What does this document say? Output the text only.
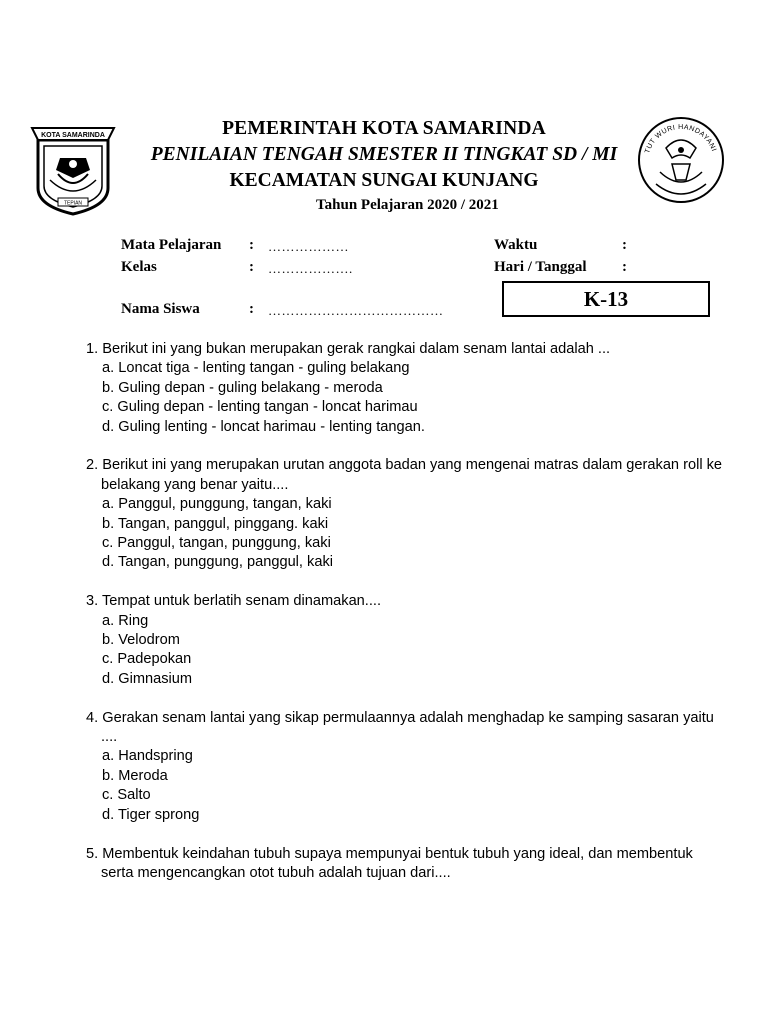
KOTA SAMARINDA
TEPIAN
TUT WURI HANDAYANI
PEMERINTAH KOTA SAMARINDA
PENILAIAN TENGAH SMESTER II TINGKAT SD / MI
KECAMATAN SUNGAI KUNJANG
Tahun Pelajaran 2020 / 2021
Mata Pelajaran : ………………
Kelas	: ……………….
Nama Siswa	: …………………………………
Waktu	:
Hari / Tanggal :
K-13
1. Berikut ini yang bukan merupakan gerak rangkai dalam senam lantai adalah ...
a. Loncat tiga - lenting tangan - guling belakang
b. Guling depan - guling belakang - meroda
c. Guling depan - lenting tangan - loncat harimau
d. Guling lenting - loncat harimau - lenting tangan.
2. Berikut ini yang merupakan urutan anggota badan yang mengenai matras dalam gerakan roll ke belakang yang benar yaitu....
a. Panggul, punggung, tangan, kaki
b. Tangan, panggul, pinggang. kaki
c. Panggul, tangan, punggung, kaki
d. Tangan, punggung, panggul, kaki
3. Tempat untuk berlatih senam dinamakan....
a. Ring
b. Velodrom
c. Padepokan
d. Gimnasium
4. Gerakan senam lantai yang sikap permulaannya adalah menghadap ke samping sasaran yaitu ....
a. Handspring
b. Meroda
c. Salto
d. Tiger sprong
5. Membentuk keindahan tubuh supaya mempunyai bentuk tubuh yang ideal, dan membentuk serta mengencangkan otot tubuh adalah tujuan dari....
